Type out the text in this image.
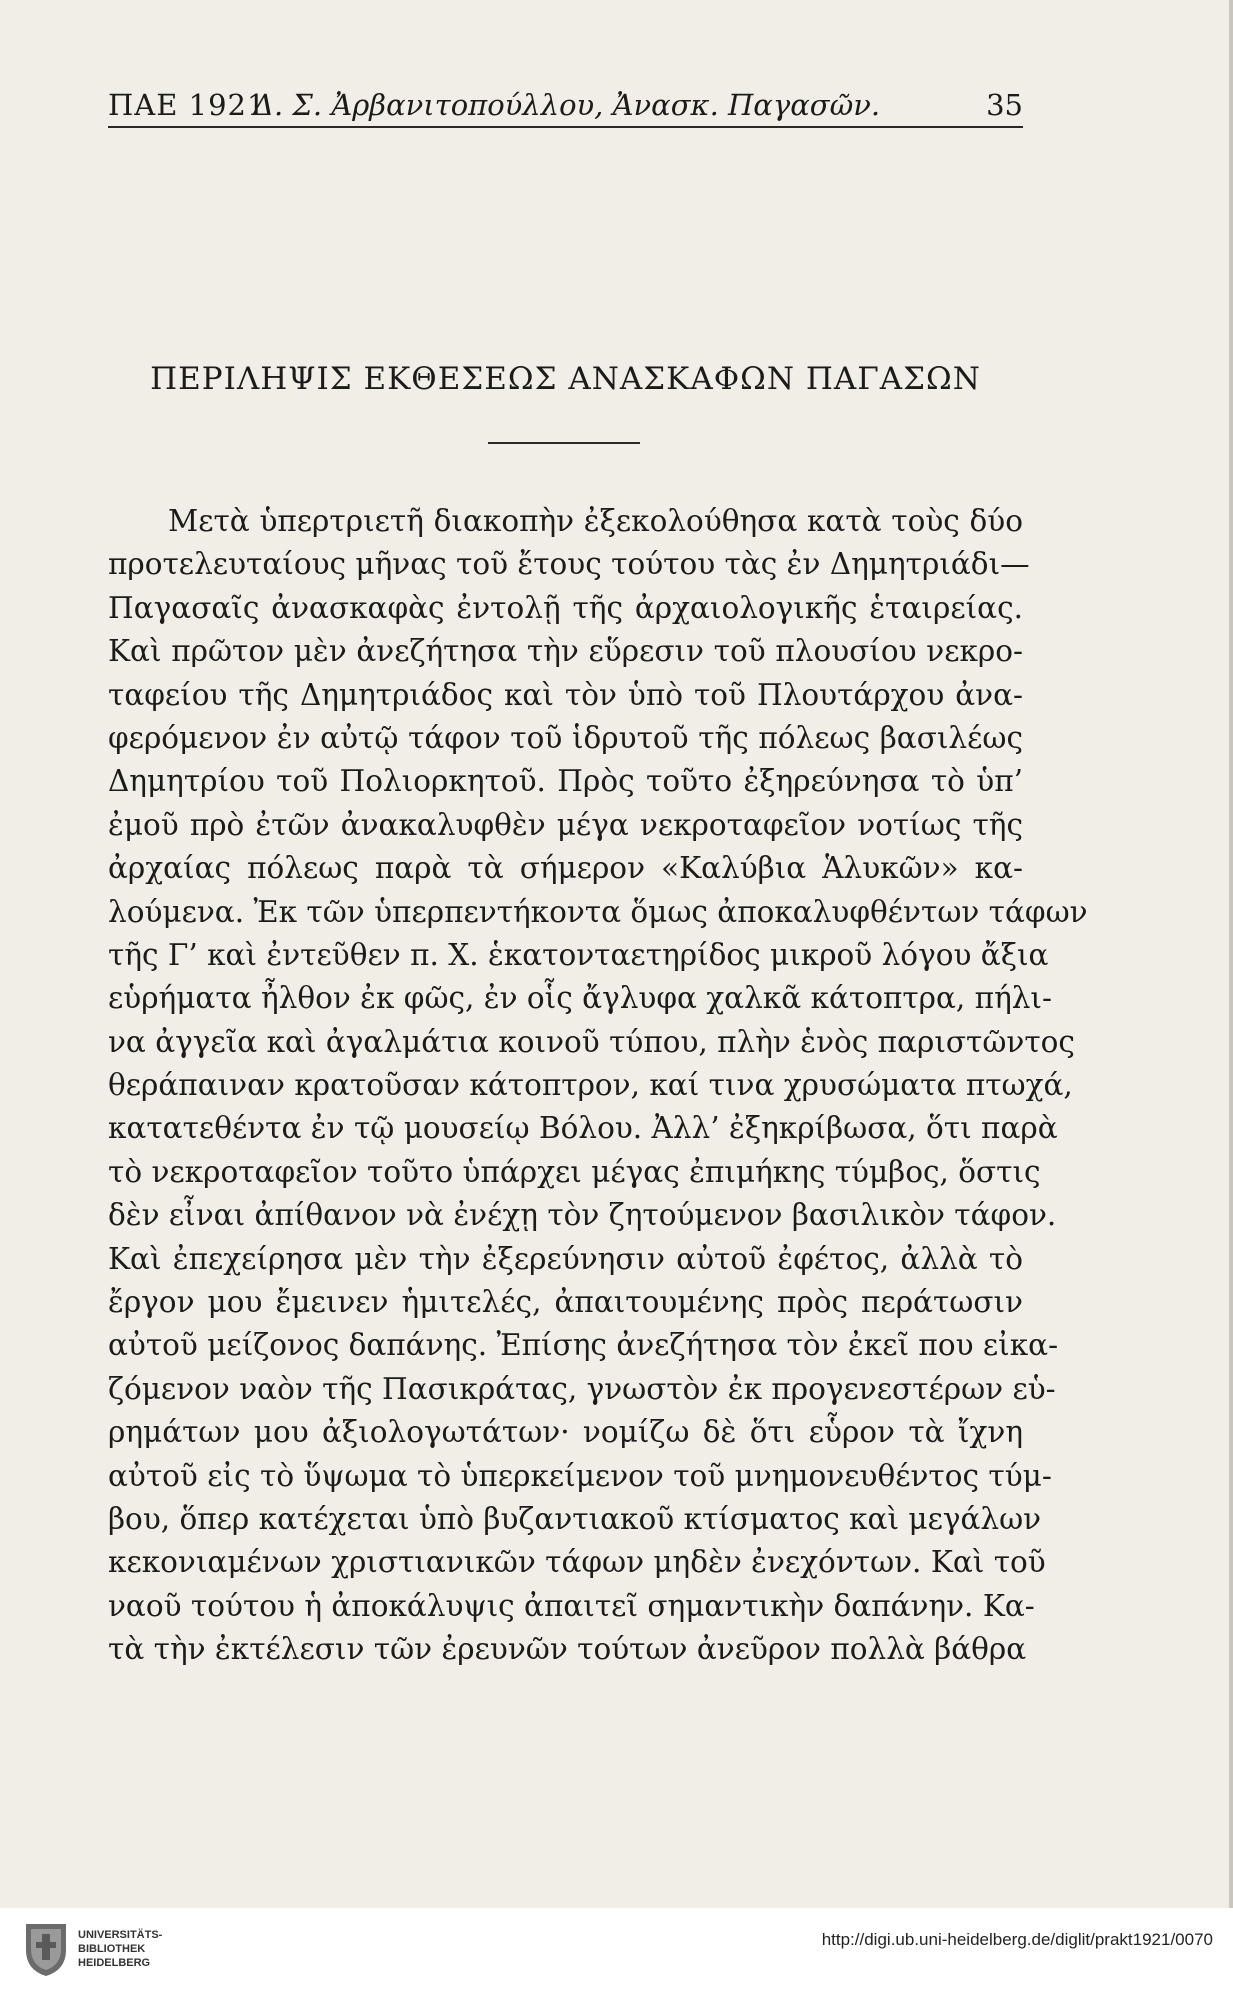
ΠΑΕ 1921
Δ. Σ. Ἀρβανιτοπούλλου, Ἀνασκ. Παγασῶν.	35
ΠΕΡΙΛΗΨΙΣ ΕΚΘΕΣΕΩΣ ΑΝΑΣΚΑΦΩΝ ΠΑΓΑΣΩΝ
Μετὰ ὑπερτριετῆ διακοπὴν ἐξεκολούθησα κατὰ τοὺς δύο
προτελευταίους μῆνας τοῦ ἔτους τούτου τὰς ἐν Δημητριάδι—
Παγασαῖς ἀνασκαφὰς ἐντολῇ τῆς ἀρχαιολογικῆς ἑταιρείας.
Καὶ πρῶτον μὲν ἀνεζήτησα τὴν εὕρεσιν τοῦ πλουσίου νεκρο-
ταφείου τῆς Δημητριάδος καὶ τὸν ὑπὸ τοῦ Πλουτάρχου ἀνα-
φερόμενον ἐν αὐτῷ τάφον τοῦ ἱδρυτοῦ τῆς πόλεως βασιλέως
Δημητρίου τοῦ Πολιορκητοῦ. Πρὸς τοῦτο ἐξηρεύνησα τὸ ὑπ’
ἐμοῦ πρὸ ἐτῶν ἀνακαλυφθὲν μέγα νεκροταφεῖον νοτίως τῆς
ἀρχαίας πόλεως παρὰ τὰ σήμερον «Καλύβια Ἁλυκῶν» κα-
λούμενα. Ἐκ τῶν ὑπερπεντήκοντα ὅμως ἀποκαλυφθέντων τάφων
τῆς Γ’ καὶ ἐντεῦθεν π. Χ. ἑκατονταετηρίδος μικροῦ λόγου ἄξια
εὑρήματα ἦλθον ἐκ φῶς, ἐν οἷς ἄγλυφα χαλκᾶ κάτοπτρα, πήλι-
να ἀγγεῖα καὶ ἀγαλμάτια κοινοῦ τύπου, πλὴν ἑνὸς παριστῶντος
θεράπαιναν κρατοῦσαν κάτοπτρον, καί τινα χρυσώματα πτωχά,
κατατεθέντα ἐν τῷ μουσείῳ Βόλου. Ἀλλ’ ἐξηκρίβωσα, ὅτι παρὰ
τὸ νεκροταφεῖον τοῦτο ὑπάρχει μέγας ἐπιμήκης τύμβος, ὅστις
δὲν εἶναι ἀπίθανον νὰ ἐνέχῃ τὸν ζητούμενον βασιλικὸν τάφον.
Καὶ ἐπεχείρησα μὲν τὴν ἐξερεύνησιν αὐτοῦ ἐφέτος, ἀλλὰ τὸ
ἔργον μου ἔμεινεν ἡμιτελές, ἀπαιτουμένης πρὸς περάτωσιν
αὐτοῦ μείζονος δαπάνης. Ἐπίσης ἀνεζήτησα τὸν ἐκεῖ που εἰκα-
ζόμενον ναὸν τῆς Πασικράτας, γνωστὸν ἐκ προγενεστέρων εὑ-
ρημάτων μου ἀξιολογωτάτων· νομίζω δὲ ὅτι εὗρον τὰ ἴχνη
αὐτοῦ εἰς τὸ ὕψωμα τὸ ὑπερκείμενον τοῦ μνημονευθέντος τύμ-
βου, ὅπερ κατέχεται ὑπὸ βυζαντιακοῦ κτίσματος καὶ μεγάλων
κεκονιαμένων χριστιανικῶν τάφων μηδὲν ἐνεχόντων. Καὶ τοῦ
ναοῦ τούτου ἡ ἀποκάλυψις ἀπαιτεῖ σημαντικὴν δαπάνην. Κα-
τὰ τὴν ἐκτέλεσιν τῶν ἐρευνῶν τούτων ἀνεῦρον πολλὰ βάθρα
UNIVERSITÄTS-
BIBLIOTHEK
HEIDELBERG
http://digi.ub.uni-heidelberg.de/diglit/prakt1921/0070
